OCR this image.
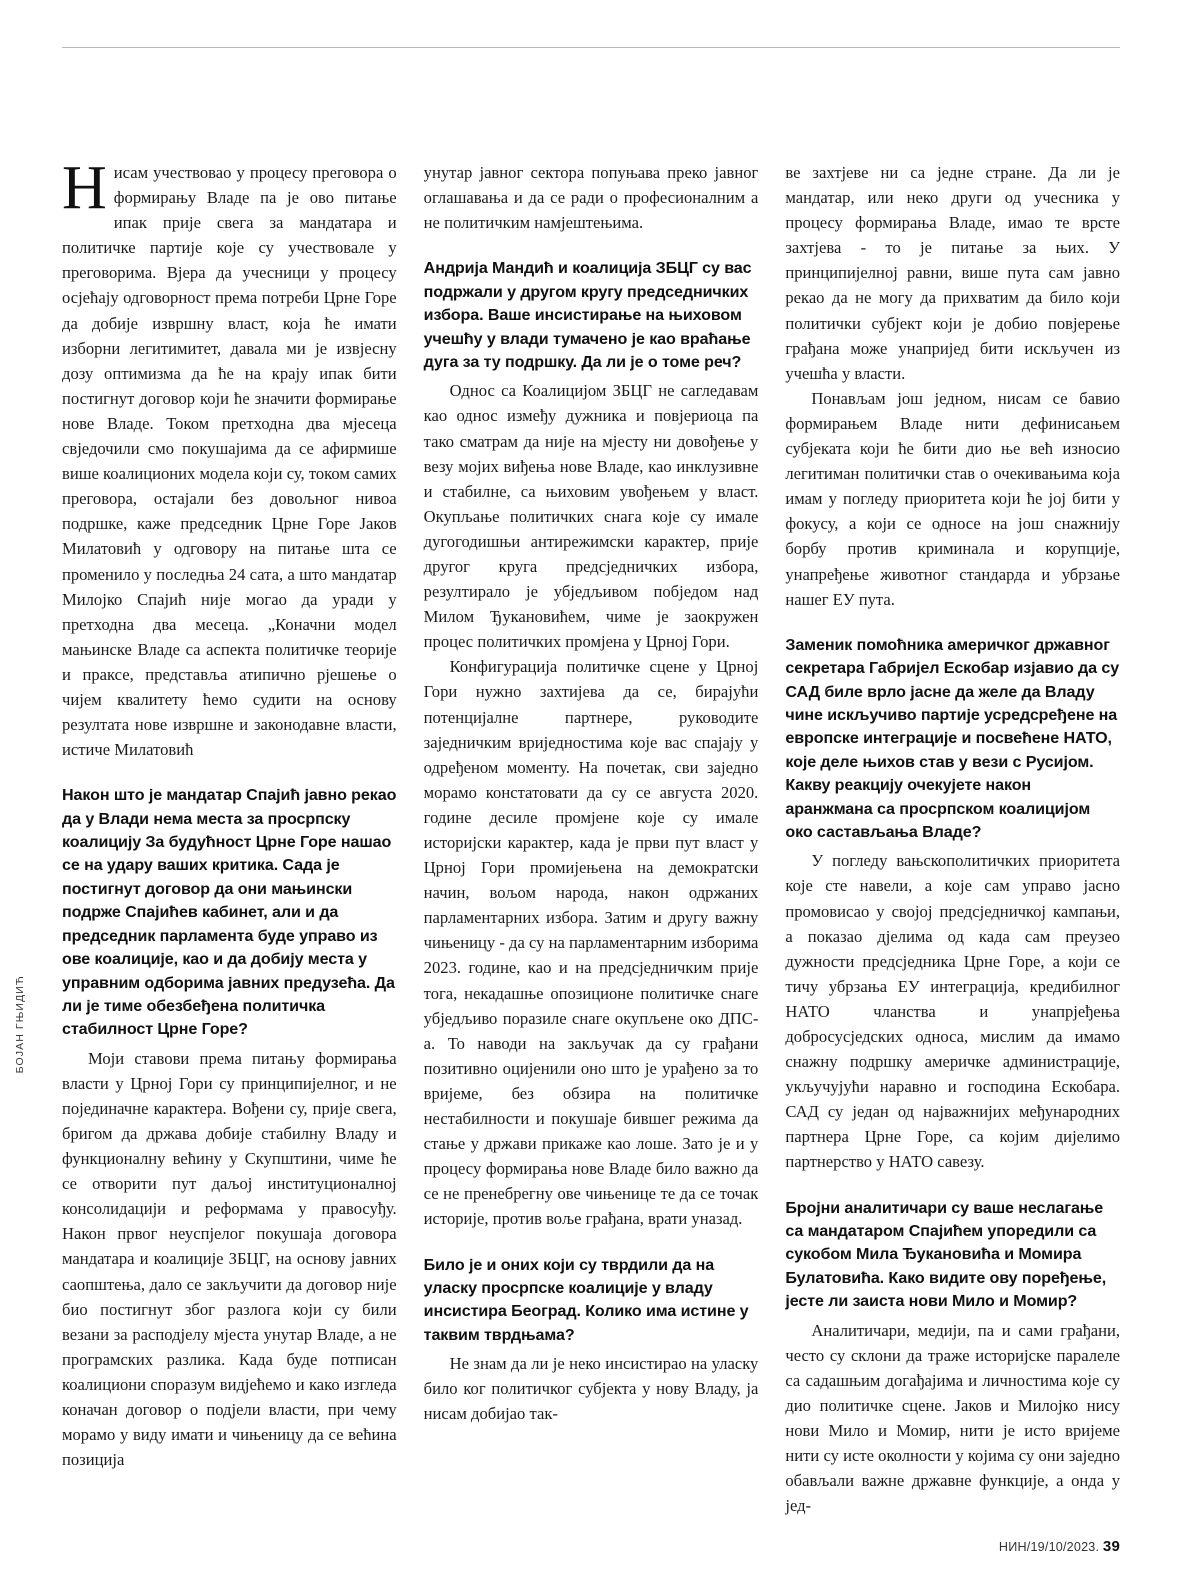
БОЈАН ГЊИДИЋ

Нисам учествовао у процесу преговора о формирању Владе па је ово питање ипак прије свега за мандатара и политичке партије које су учествовале у преговорима. Вјера да учесници у процесу осјећају одговорност према потреби Црне Горе да добије извршну власт, која ће имати изборни легитимитет, давала ми је извјесну дозу оптимизма да ће на крају ипак бити постигнут договор који ће значити формирање нове Владе. Током претходна два мјесеца свједочили смо покушајима да се афирмише више коалиционих модела који су, током самих преговора, остајали без довољног нивоа подршке, каже председник Црне Горе Јаков Милатовић у одговору на питање шта се променило у последња 24 сата, а што мандатар Милојко Спајић није могао да уради у претходна два месеца. „Коначни модел мањинске Владе са аспекта политичке теорије и праксе, представља атипично рјешење о чијем квалитету ћемо судити на основу резултата нове извршне и законодавне власти, истиче Милатовић

Након што је мандатар Спајић јавно рекао да у Влади нема места за просрпску коалицију За будућност Црне Горе нашао се на удару ваших критика. Сада је постигнут договор да они мањински подрже Спајићев кабинет, али и да председник парламента буде управо из ове коалиције, као и да добију места у управним одборима јавних предузећа. Да ли је тиме обезбеђена политичка стабилност Црне Горе?

Моји ставови према питању формирања власти у Црној Гори су принципијелног, и не појединачне карактера. Вођени су, прије свега, бригом да држава добије стабилну Владу и функционалну већину у Скупштини, чиме ће се отворити пут даљој институционалној консолидацији и реформама у правосуђу. Након првог неуспјелог покушаја договора мандатара и коалиције ЗБЦГ, на основу јавних саопштења, дало се закључити да договор није био постигнут због разлога који су били везани за расподјелу мјеста унутар Владе, а не програмских разлика. Када буде потписан коалициони споразум видјећемо и како изгледа коначан договор о подјели власти, при чему морамо у виду имати и чињеницу да се већина позиција

унутар јавног сектора попуњава преко јавног оглашавања и да се ради о професионалним а не политичким намјештењима.

Андрија Мандић и коалиција ЗБЦГ су вас подржали у другом кругу председничких избора. Ваше инсистирање на њиховом учешћу у влади тумачено је као враћање дуга за ту подршку. Да ли је о томе реч?

Однос са Коалицијом ЗБЦГ не сагледавам као однос између дужника и повјериоца па тако сматрам да није на мјесту ни довођење у везу мојих виђења нове Владе, као инклузивне и стабилне, са њиховим увођењем у власт. Окупљање политичких снага које су имале дугогодишњи антирежимски карактер, прије другог круга предсједничких избора, резултирало је убједљивом побједом над Милом Ђукановићем, чиме је заокружен процес политичких промјена у Црној Гори.

Конфигурација политичке сцене у Црној Гори нужно захтијева да се, бирајући потенцијалне партнере, руководите заједничким вриједностима које вас спајају у одређеном моменту. На почетак, сви заједно морамо констатовати да су се августа 2020. године десиле промјене које су имале историјски карактер, када је први пут власт у Црној Гори промијењена на демократски начин, вољом народа, након одржаних парламентарних избора. Затим и другу важну чињеницу - да су на парламентарним изборима 2023. године, као и на предсједничким прије тога, некадашње опозиционе политичке снаге убједљиво поразиле снаге окупљене око ДПС-а. То наводи на закључак да су грађани позитивно оцијенили оно што је урађено за то вријеме, без обзира на политичке нестабилности и покушаје бившег режима да стање у држави прикаже као лоше. Зато је и у процесу формирања нове Владе било важно да се не пренебрегну ове чињенице те да се точак историје, против воље грађана, врати уназад.

Било је и оних који су тврдили да на уласку просрпске коалиције у владу инсистира Београд. Колико има истине у таквим тврдњама?

Не знам да ли је неко инсистирао на уласку било ког политичког субјекта у нову Владу, ја нисам добијао так-

ве захтјеве ни са једне стране. Да ли је мандатар, или неко други од учесника у процесу формирања Владе, имао те врсте захтјева - то је питање за њих. У принципијелној равни, више пута сам јавно рекао да не могу да прихватим да било који политички субјект који је добио повјерење грађана може унапријед бити искључен из учешћа у власти.

Понављам још једном, нисам се бавио формирањем Владе нити дефинисањем субјеката који ће бити дио ње већ износио легитиман политички став о очекивањима која имам у погледу приоритета који ће јој бити у фокусу, а који се односе на још снажнију борбу против криминала и корупције, унапређење животног стандарда и убрзање нашег ЕУ пута.

Заменик помоћника америчког државног секретара Габријел Ескобар изјавио да су САД биле врло јасне да желе да Владу чине искључиво партије усредсређене на европске интеграције и посвећене НАТО, које деле њихов став у вези с Русијом. Какву реакцију очекујете након аранжмана са просрпском коалицијом око састављања Владе?

У погледу вањскополитичких приоритета које сте навели, а које сам управо јасно промовисао у својој предсједничкој кампањи, а показао дјелима од када сам преузео дужности предсједника Црне Горе, а који се тичу убрзања ЕУ интеграција, кредибилног НАТО чланства и унапрјеђења добросусједских односа, мислим да имамо снажну подршку америчке администрације, укључујући наравно и господина Ескобара. САД су један од најважнијих међународних партнера Црне Горе, са којим дијелимо партнерство у НАТО савезу.

Бројни аналитичари су ваше неслагање са мандатаром Спајићем упоредили са сукобом Мила Ђукановића и Момира Булатовића. Како видите ову поређење, јесте ли заиста нови Мило и Момир?

Аналитичари, медији, па и сами грађани, често су склони да траже историјске паралеле са садашњим догађајима и личностима које су дио политичке сцене. Јаков и Милојко нису нови Мило и Момир, нити је исто вријеме нити су исте околности у којима су они заједно обављали важне државне функције, а онда у јед-

НИН/19/10/2023. 39
